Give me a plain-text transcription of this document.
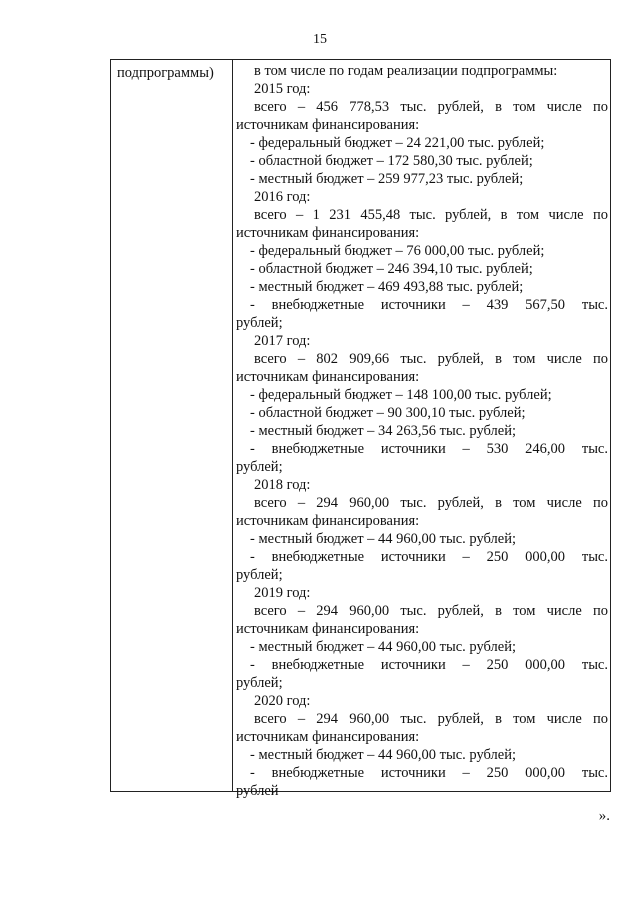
15
подпрограммы)	в том числе по годам реализации подпрограммы:
2015 год:
всего – 456 778,53 тыс. рублей, в том числе по
источникам финансирования:
- федеральный бюджет – 24 221,00 тыс. рублей;
- областной бюджет – 172 580,30 тыс. рублей;
- местный бюджет – 259 977,23 тыс. рублей;
2016 год:
всего – 1 231 455,48 тыс. рублей, в том числе по
источникам финансирования:
- федеральный бюджет – 76 000,00 тыс. рублей;
- областной бюджет – 246 394,10 тыс. рублей;
- местный бюджет – 469 493,88 тыс. рублей;
- внебюджетные источники – 439 567,50 тыс.
рублей;
2017 год:
всего – 802 909,66 тыс. рублей, в том числе по
источникам финансирования:
- федеральный бюджет – 148 100,00 тыс. рублей;
- областной бюджет – 90 300,10 тыс. рублей;
- местный бюджет – 34 263,56 тыс. рублей;
- внебюджетные источники – 530 246,00 тыс.
рублей;
2018 год:
всего – 294 960,00 тыс. рублей, в том числе по
источникам финансирования:
- местный бюджет – 44 960,00 тыс. рублей;
- внебюджетные источники – 250 000,00 тыс.
рублей;
2019 год:
всего – 294 960,00 тыс. рублей, в том числе по
источникам финансирования:
- местный бюджет – 44 960,00 тыс. рублей;
- внебюджетные источники – 250 000,00 тыс.
рублей;
2020 год:
всего – 294 960,00 тыс. рублей, в том числе по
источникам финансирования:
- местный бюджет – 44 960,00 тыс. рублей;
- внебюджетные источники – 250 000,00 тыс.
рублей
».
